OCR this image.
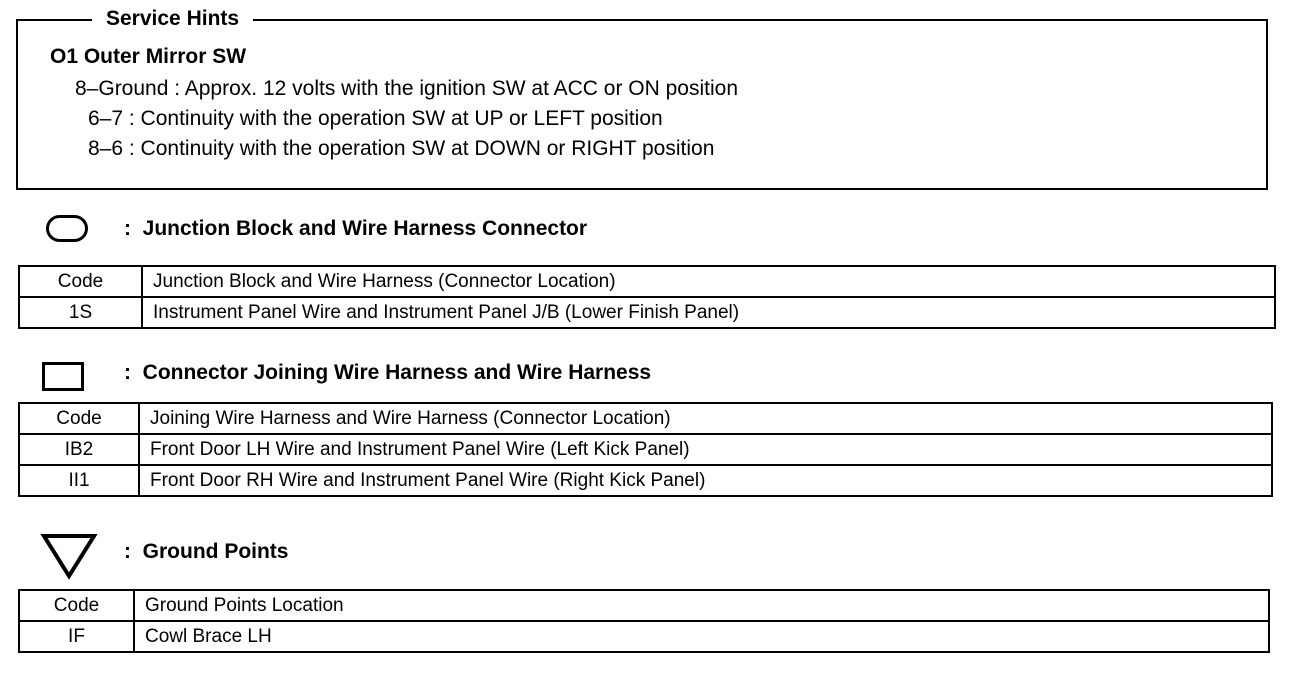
Service Hints
O1 Outer Mirror SW
8–Ground : Approx. 12 volts with the ignition SW at ACC or ON position
6–7 : Continuity with the operation SW at UP or LEFT position
8–6 : Continuity with the operation SW at DOWN or RIGHT position
:  Junction Block and Wire Harness Connector
Code	Junction Block and Wire Harness (Connector Location)
1S	Instrument Panel Wire and Instrument Panel J/B (Lower Finish Panel)
:  Connector Joining Wire Harness and Wire Harness
Code	Joining Wire Harness and Wire Harness (Connector Location)
IB2	Front Door LH Wire and Instrument Panel Wire (Left Kick Panel)
II1	Front Door RH Wire and Instrument Panel Wire (Right Kick Panel)
:  Ground Points
Code	Ground Points Location
IF	Cowl Brace LH
